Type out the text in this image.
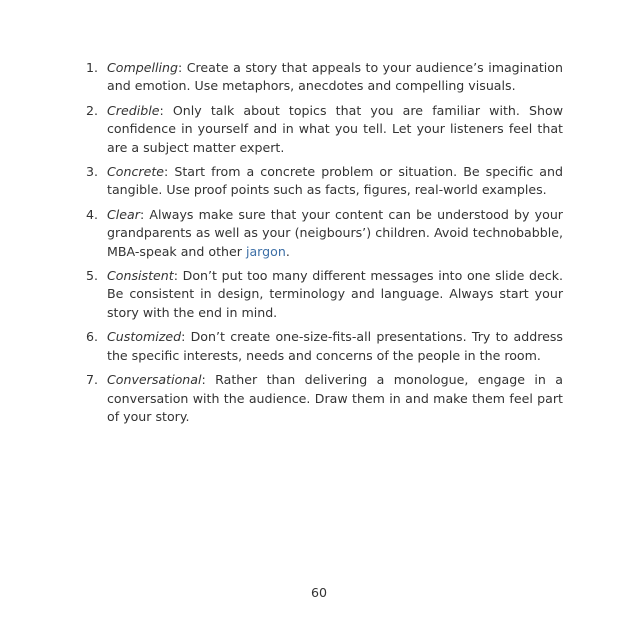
1. Compelling: Create a story that appeals to your audience’s imagination and emotion. Use metaphors, anecdotes and compelling visuals.
2. Credible: Only talk about topics that you are familiar with. Show confidence in yourself and in what you tell. Let your listeners feel that are a subject matter expert.
3. Concrete: Start from a concrete problem or situation. Be specific and tangible. Use proof points such as facts, figures, real-world examples.
4. Clear: Always make sure that your content can be understood by your grandparents as well as your (neigbours’) children. Avoid technobabble, MBA-speak and other jargon.
5. Consistent: Don’t put too many different messages into one slide deck. Be consistent in design, terminology and language. Always start your story with the end in mind.
6. Customized: Don’t create one-size-fits-all presentations. Try to address the specific interests, needs and concerns of the people in the room.
7. Conversational: Rather than delivering a monologue, engage in a conversation with the audience. Draw them in and make them feel part of your story.
60
